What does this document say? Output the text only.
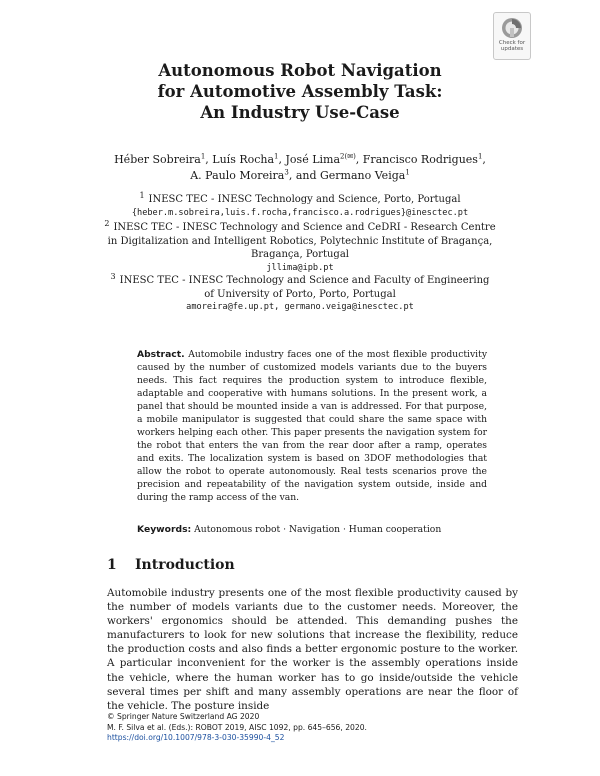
Check for
updates
Autonomous Robot Navigation
for Automotive Assembly Task:
An Industry Use-Case
Héber Sobreira$^1$, Luís Rocha$^1$, José Lima$^{2(✉)}$, Francisco Rodrigues$^1$,
A. Paulo Moreira$^3$, and Germano Veiga$^1$
$^1$ INESC TEC - INESC Technology and Science, Porto, Portugal
{heber.m.sobreira,luis.f.rocha,francisco.a.rodrigues}@inesctec.pt
$^2$ INESC TEC - INESC Technology and Science and CeDRI - Research Centre
in Digitalization and Intelligent Robotics, Polytechnic Institute of Bragança,
Bragança, Portugal
jllima@ipb.pt
$^3$ INESC TEC - INESC Technology and Science and Faculty of Engineering
of University of Porto, Porto, Portugal
amoreira@fe.up.pt, germano.veiga@inesctec.pt
Abstract. Automobile industry faces one of the most flexible productivity caused by the number of customized models variants due to the buyers needs. This fact requires the production system to introduce flexible, adaptable and cooperative with humans solutions. In the present work, a panel that should be mounted inside a van is addressed. For that purpose, a mobile manipulator is suggested that could share the same space with workers helping each other. This paper presents the navigation system for the robot that enters the van from the rear door after a ramp, operates and exits. The localization system is based on 3DOF methodologies that allow the robot to operate autonomously. Real tests scenarios prove the precision and repeatability of the navigation system outside, inside and during the ramp access of the van.
Keywords: Autonomous robot · Navigation · Human cooperation
1 Introduction
Automobile industry presents one of the most flexible productivity caused by the number of models variants due to the customer needs. Moreover, the workers' ergonomics should be attended. This demanding pushes the manufacturers to look for new solutions that increase the flexibility, reduce the production costs and also finds a better ergonomic posture to the worker. A particular inconvenient for the worker is the assembly operations inside the vehicle, where the human worker has to go inside/outside the vehicle several times per shift and many assembly operations are near the floor of the vehicle. The posture inside
© Springer Nature Switzerland AG 2020
M. F. Silva et al. (Eds.): ROBOT 2019, AISC 1092, pp. 645–656, 2020.
https://doi.org/10.1007/978-3-030-35990-4_52
